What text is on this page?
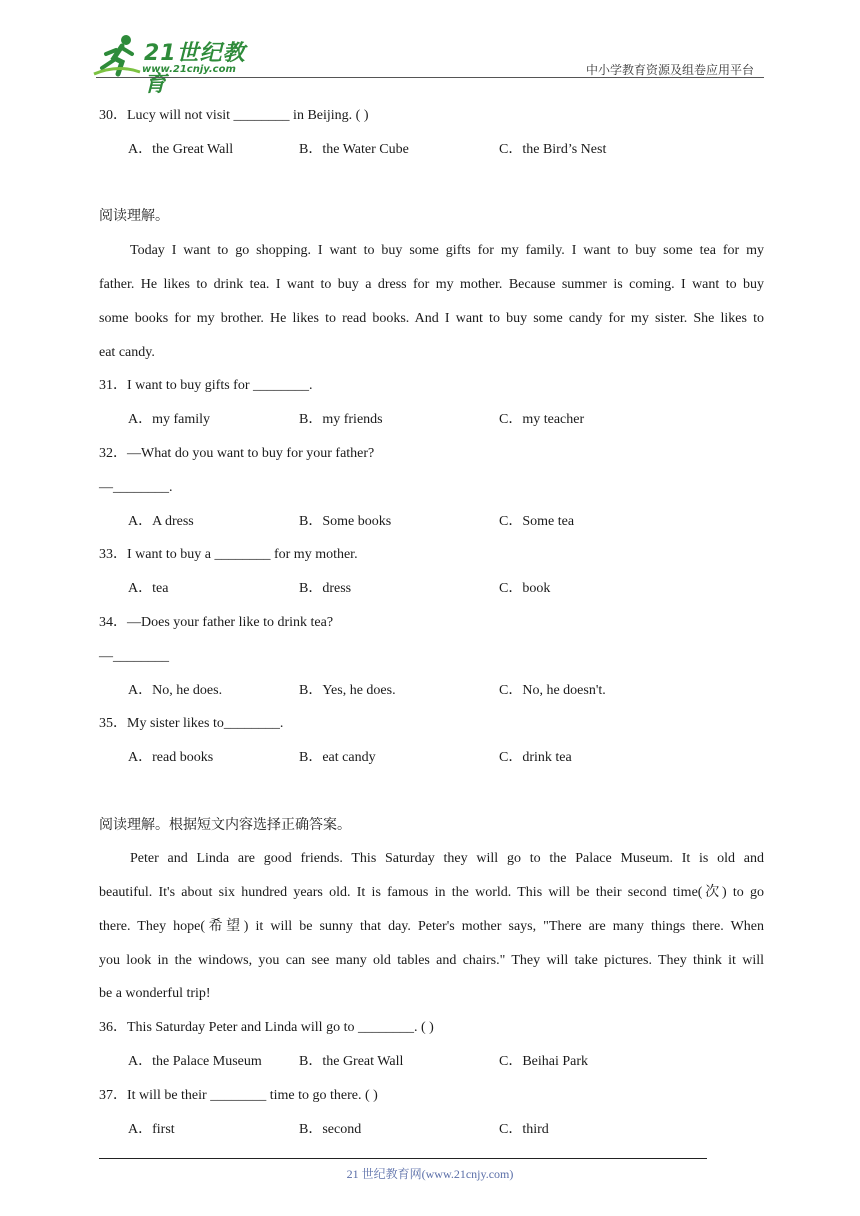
21世纪教育
www.21cnjy.com	中小学教育资源及组卷应用平台
30．Lucy will not visit ________ in Beijing. ( )
A．the Great Wall	B．the Water Cube	C．the Bird’s Nest
阅读理解。
Today I want to go shopping. I want to buy some gifts for my family. I want to buy some tea for my
father. He likes to drink tea. I want to buy a dress for my mother. Because summer is coming. I want to buy
some books for my brother. He likes to read books. And I want to buy some candy for my sister. She likes to
eat candy.
31．I want to buy gifts for ________.
A．my family	B．my friends	C．my teacher
32．—What do you want to buy for your father?
—________.
A．A dress	B．Some books	C．Some tea
33．I want to buy a ________ for my mother.
A．tea	B．dress	C．book
34．—Does your father like to drink tea?
—________
A．No, he does.	B．Yes, he does.	C．No, he doesn't.
35．My sister likes to________.
A．read books	B．eat candy	C．drink tea
阅读理解。根据短文内容选择正确答案。
Peter and Linda are good friends. This Saturday they will go to the Palace Museum. It is old and
beautiful. It's about six hundred years old. It is famous in the world. This will be their second time(次) to go
there. They hope(希望) it will be sunny that day. Peter's mother says, "There are many things there. When
you look in the windows, you can see many old tables and chairs." They will take pictures. They think it will
be a wonderful trip!
36．This Saturday Peter and Linda will go to ________. ( )
A．the Palace Museum	B．the Great Wall	C．Beihai Park
37．It will be their ________ time to go there. ( )
A．first	B．second	C．third
21 世纪教育网(www.21cnjy.com)
